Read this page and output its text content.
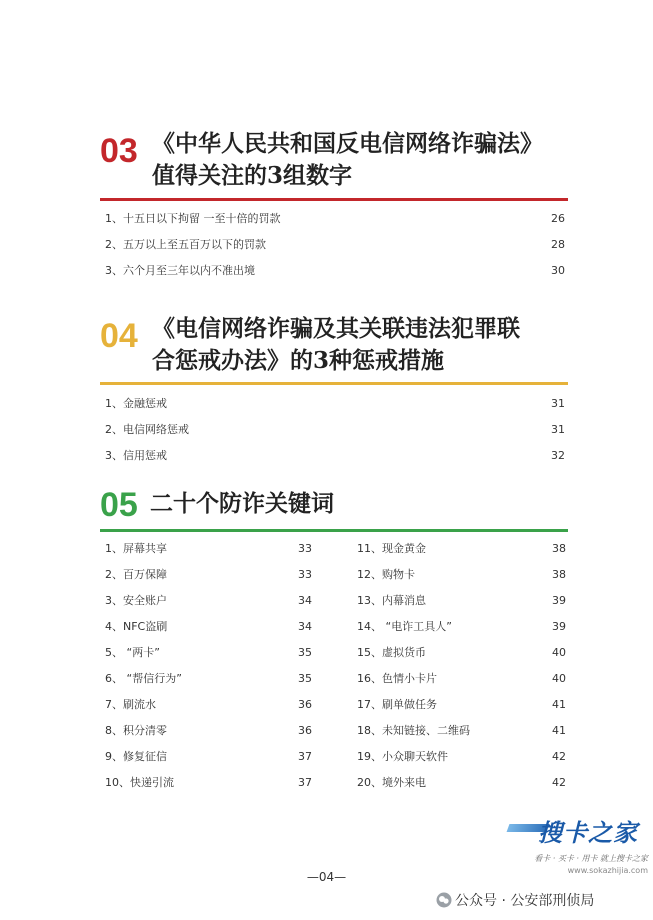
03 《中华人民共和国反电信网络诈骗法》
值得关注的3组数字
1、十五日以下拘留 一至十倍的罚款	26
2、五万以上至五百万以下的罚款	28
3、六个月至三年以内不准出境	30
04 《电信网络诈骗及其关联违法犯罪联
合惩戒办法》的3种惩戒措施
1、金融惩戒	31
2、电信网络惩戒	31
3、信用惩戒	32
05 二十个防诈关键词
1、屏幕共享	33
2、百万保障	33
3、安全账户	34
4、NFC盗刷	34
5、 “两卡”	35
6、 “帮信行为”	35
7、刷流水	36
8、积分清零	36
9、修复征信	37
10、快递引流	37
11、现金黄金	38
12、购物卡	38
13、内幕消息	39
14、 “电诈工具人”	39
15、虚拟货币	40
16、色情小卡片	40
17、刷单做任务	41
18、未知链接、二维码	41
19、小众聊天软件	42
20、境外来电	42
—04—
搜卡之家
看卡 · 买卡 · 用卡 就上搜卡之家
www.sokazhijia.com
公众号 · 公安部刑侦局
